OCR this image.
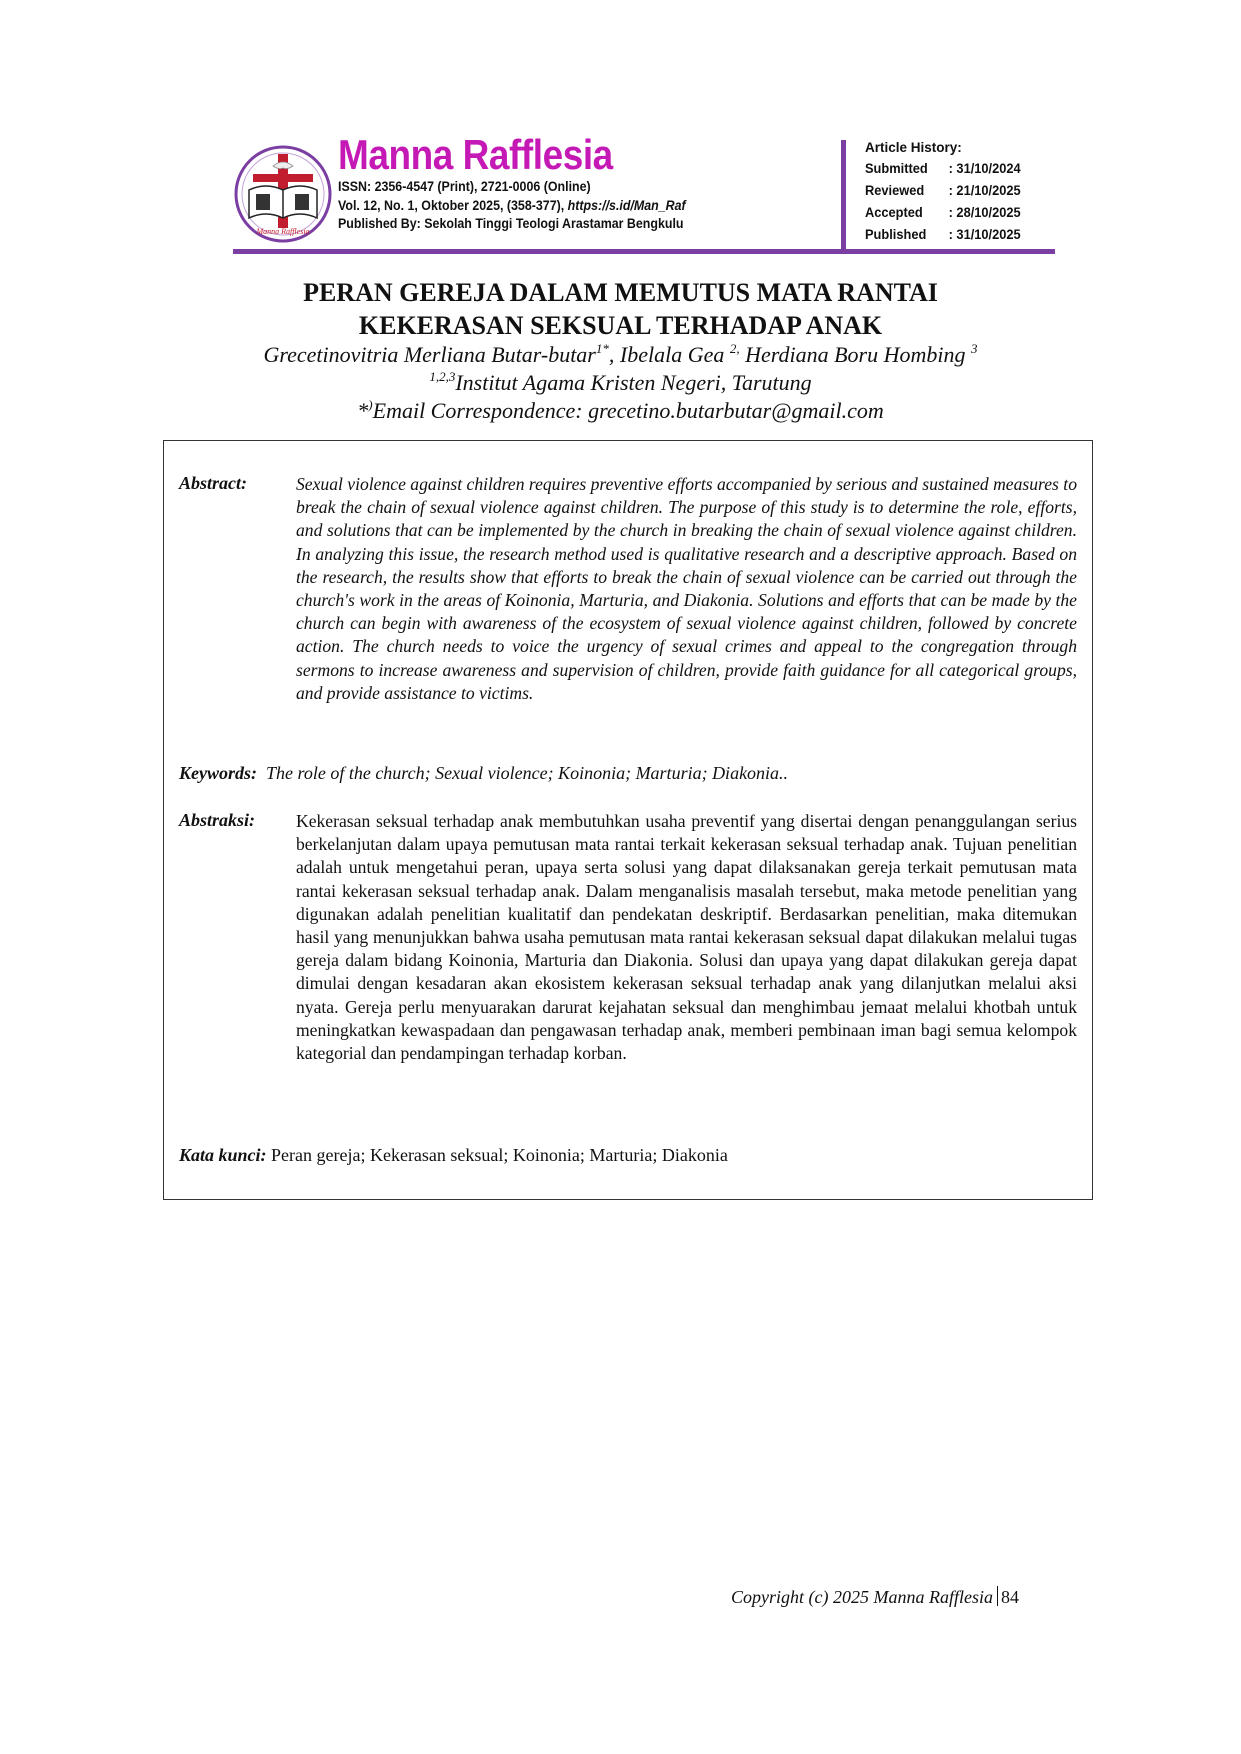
Manna Rafflesia
Manna Rafflesia
ISSN: 2356-4547 (Print), 2721-0006 (Online)
Vol. 12, No. 1, Oktober 2025, (358-377), https://s.id/Man_Raf
Published By: Sekolah Tinggi Teologi Arastamar Bengkulu
Article History:
Submitted	: 31/10/2024
Reviewed	: 21/10/2025
Accepted	: 28/10/2025
Published	: 31/10/2025
PERAN GEREJA DALAM MEMUTUS MATA RANTAI
KEKERASAN SEKSUAL TERHADAP ANAK
Grecetinovitria Merliana Butar-butar$^{1*}$, Ibelala Gea $^{2,}$ Herdiana Boru Hombing $^3$
$^{1,2,3}$Institut Agama Kristen Negeri, Tarutung
*)Email Correspondence: grecetino.butarbutar@gmail.com
Abstract:	Sexual violence against children requires preventive efforts accompanied by serious and sustained measures to break the chain of sexual violence against children. The purpose of this study is to determine the role, efforts, and solutions that can be implemented by the church in breaking the chain of sexual violence against children. In analyzing this issue, the research method used is qualitative research and a descriptive approach. Based on the research, the results show that efforts to break the chain of sexual violence can be carried out through the church's work in the areas of Koinonia, Marturia, and Diakonia. Solutions and efforts that can be made by the church can begin with awareness of the ecosystem of sexual violence against children, followed by concrete action. The church needs to voice the urgency of sexual crimes and appeal to the congregation through sermons to increase awareness and supervision of children, provide faith guidance for all categorical groups, and provide assistance to victims.
Keywords: The role of the church; Sexual violence; Koinonia; Marturia; Diakonia..
Abstraksi: Kekerasan seksual terhadap anak membutuhkan usaha preventif yang disertai dengan penanggulangan serius berkelanjutan dalam upaya pemutusan mata rantai terkait kekerasan seksual terhadap anak. Tujuan penelitian adalah untuk mengetahui peran, upaya serta solusi yang dapat dilaksanakan gereja terkait pemutusan mata rantai kekerasan seksual terhadap anak. Dalam menganalisis masalah tersebut, maka metode penelitian yang digunakan adalah penelitian kualitatif dan pendekatan deskriptif. Berdasarkan penelitian, maka ditemukan hasil yang menunjukkan bahwa usaha pemutusan mata rantai kekerasan seksual dapat dilakukan melalui tugas gereja dalam bidang Koinonia, Marturia dan Diakonia. Solusi dan upaya yang dapat dilakukan gereja dapat dimulai dengan kesadaran akan ekosistem kekerasan seksual terhadap anak yang dilanjutkan melalui aksi nyata. Gereja perlu menyuarakan darurat kejahatan seksual dan menghimbau jemaat melalui khotbah untuk meningkatkan kewaspadaan dan pengawasan terhadap anak, memberi pembinaan iman bagi semua kelompok kategorial dan pendampingan terhadap korban.
Kata kunci: Peran gereja; Kekerasan seksual; Koinonia; Marturia; Diakonia
Copyright (c) 2025 Manna Rafflesia 84
